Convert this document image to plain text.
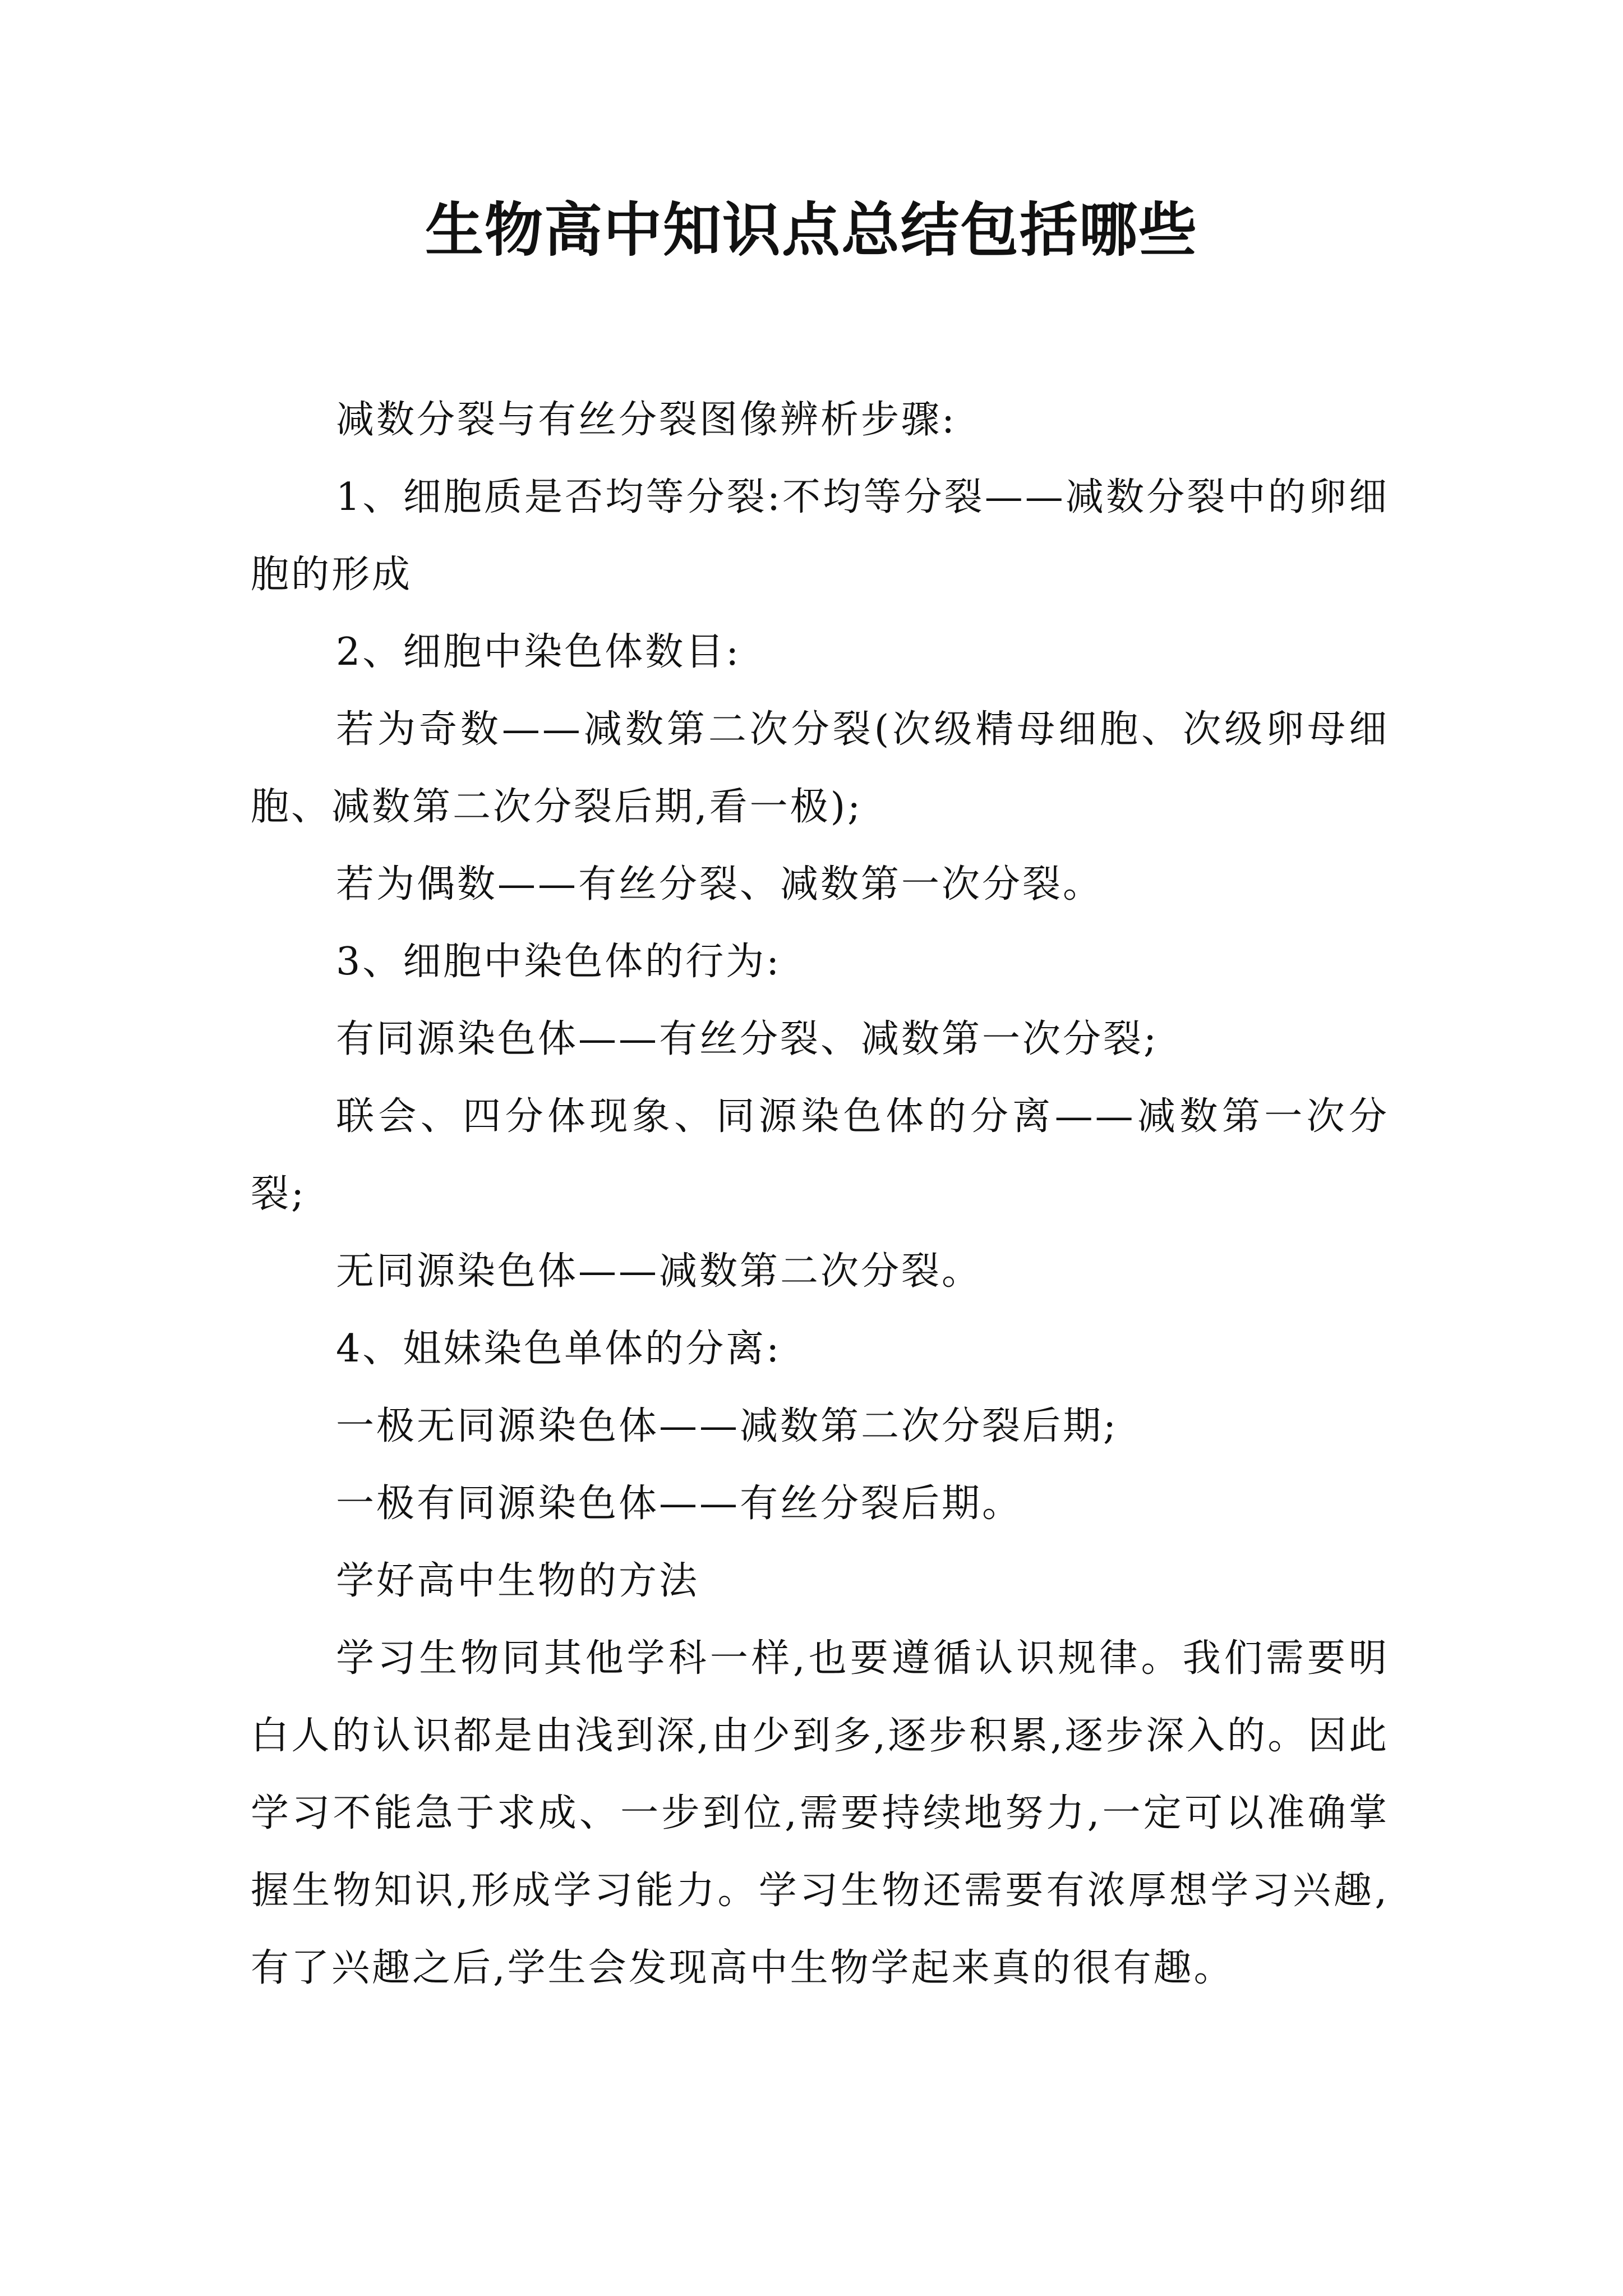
生物高中知识点总结包括哪些

减数分裂与有丝分裂图像辨析步骤:

1、细胞质是否均等分裂:不均等分裂——减数分裂中的卵细胞的形成

2、细胞中染色体数目:

若为奇数——减数第二次分裂(次级精母细胞、次级卵母细胞、减数第二次分裂后期,看一极);

若为偶数——有丝分裂、减数第一次分裂。

3、细胞中染色体的行为:

有同源染色体——有丝分裂、减数第一次分裂;

联会、四分体现象、同源染色体的分离——减数第一次分裂;

无同源染色体——减数第二次分裂。

4、姐妹染色单体的分离:

一极无同源染色体——减数第二次分裂后期;

一极有同源染色体——有丝分裂后期。

学好高中生物的方法

学习生物同其他学科一样,也要遵循认识规律。我们需要明白人的认识都是由浅到深,由少到多,逐步积累,逐步深入的。因此学习不能急于求成、一步到位,需要持续地努力,一定可以准确掌握生物知识,形成学习能力。学习生物还需要有浓厚想学习兴趣,有了兴趣之后,学生会发现高中生物学起来真的很有趣。
